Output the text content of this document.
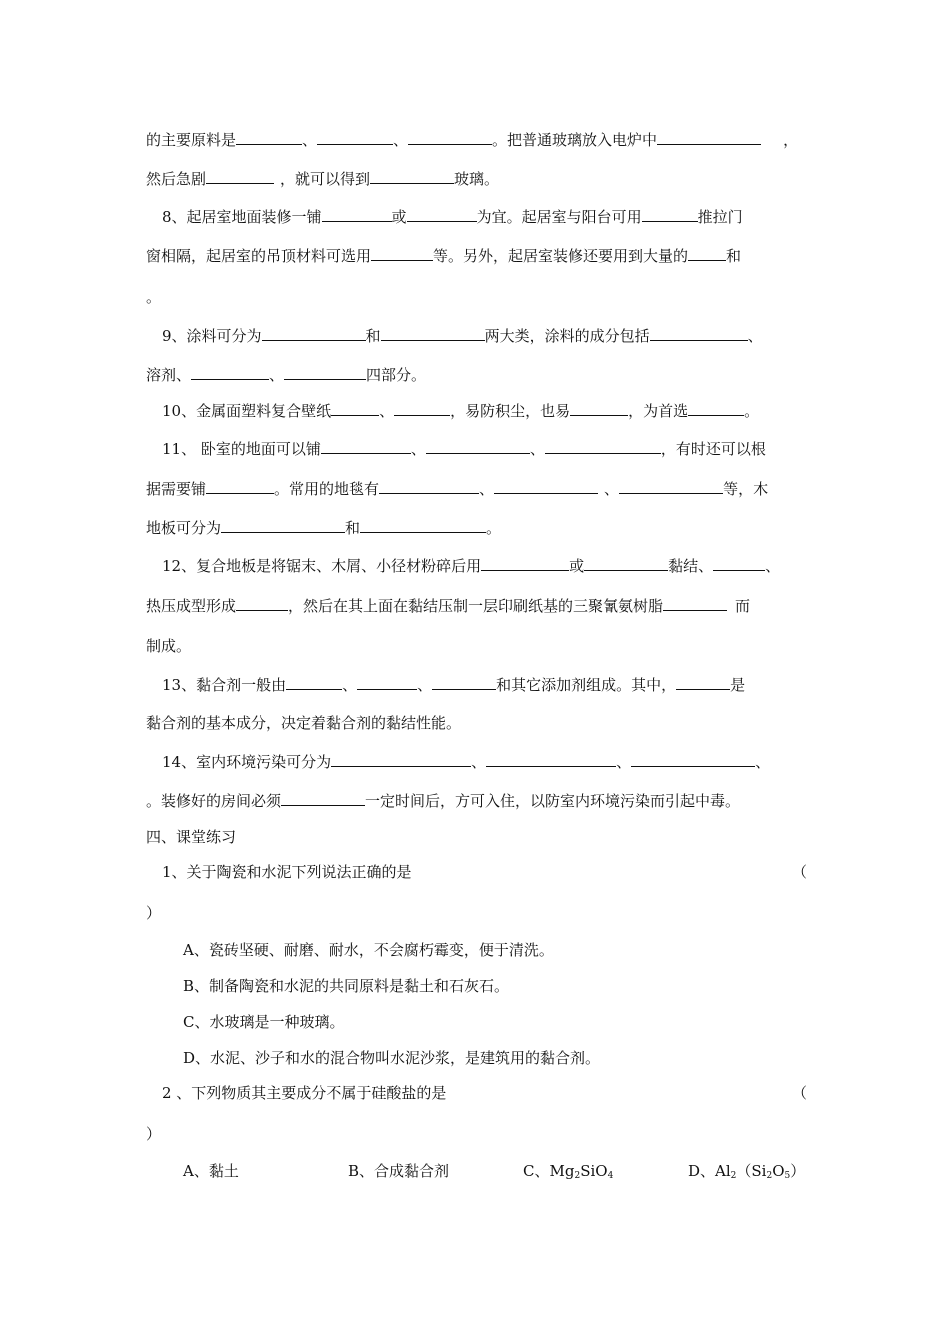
的主要原料是	、	、	。把普通玻璃放入电炉中	，
然后急剧	，就可以得到	玻璃。
8、起居室地面装修一铺	或	为宜。起居室与阳台可用	推拉门
窗相隔，起居室的吊顶材料可选用	等。另外，起居室装修还要用到大量的	和
。
9、涂料可分为	和	两大类，涂料的成分包括	、
溶剂、	、	四部分。
10、金属面塑料复合壁纸	、	，易防积尘，也易	，为首选	。
11、 卧室的地面可以铺	、	、	，有时还可以根
据需要铺	。常用的地毯有	、	、	等，木
地板可分为	和	。
12、复合地板是将锯末、木屑、小径材粉碎后用	或	黏结、	、
热压成型形成	，然后在其上面在黏结压制一层印刷纸基的三聚氰氨树脂	而
制成。
13、黏合剂一般由	、	、	和其它添加剂组成。其中，	是
黏合剂的基本成分，决定着黏合剂的黏结性能。
14、室内环境污染可分为	、	、	、
。装修好的房间必须	一定时间后，方可入住，以防室内环境污染而引起中毒。
四、课堂练习
1、关于陶瓷和水泥下列说法正确的是	（
）
A、瓷砖坚硬、耐磨、耐水，不会腐朽霉变，便于清洗。
B、制备陶瓷和水泥的共同原料是黏土和石灰石。
C、水玻璃是一种玻璃。
D、水泥、沙子和水的混合物叫水泥沙浆，是建筑用的黏合剂。
2 、下列物质其主要成分不属于硅酸盐的是	（
）
A、黏土	B、合成黏合剂	C、$Mg_2SiO_4$	D、$Al_2(Si_2O_5)$
